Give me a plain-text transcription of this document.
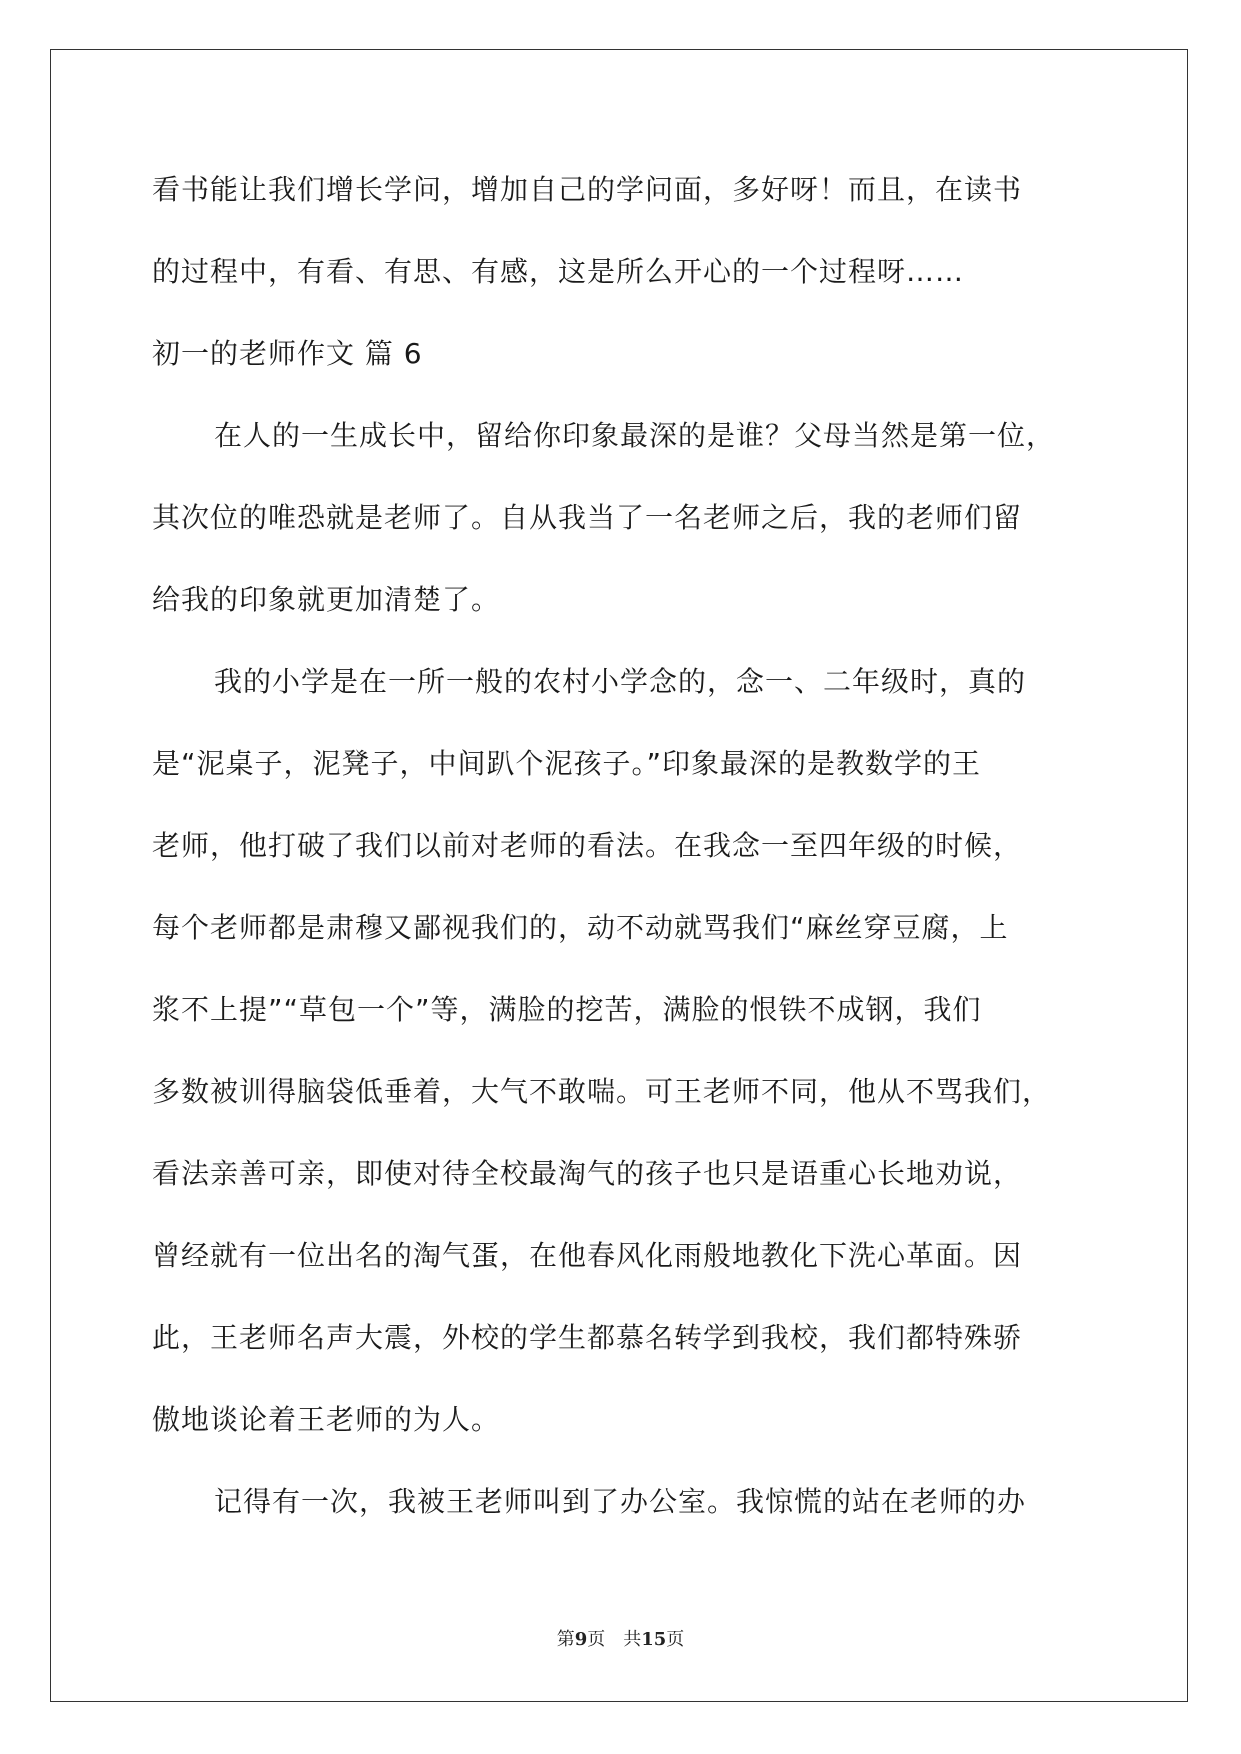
看书能让我们增长学问，增加自己的学问面，多好呀！而且，在读书
的过程中，有看、有思、有感，这是所么开心的一个过程呀……
初一的老师作文 篇 6
在人的一生成长中，留给你印象最深的是谁？父母当然是第一位，
其次位的唯恐就是老师了。自从我当了一名老师之后，我的老师们留
给我的印象就更加清楚了。
我的小学是在一所一般的农村小学念的，念一、二年级时，真的
是“泥桌子，泥凳子，中间趴个泥孩子。”印象最深的是教数学的王
老师，他打破了我们以前对老师的看法。在我念一至四年级的时候，
每个老师都是肃穆又鄙视我们的，动不动就骂我们“麻丝穿豆腐，上
浆不上提”“草包一个”等，满脸的挖苦，满脸的恨铁不成钢，我们
多数被训得脑袋低垂着，大气不敢喘。可王老师不同，他从不骂我们，
看法亲善可亲，即使对待全校最淘气的孩子也只是语重心长地劝说，
曾经就有一位出名的淘气蛋，在他春风化雨般地教化下洗心革面。因
此，王老师名声大震，外校的学生都慕名转学到我校，我们都特殊骄
傲地谈论着王老师的为人。
记得有一次，我被王老师叫到了办公室。我惊慌的站在老师的办
第9页 共15页
